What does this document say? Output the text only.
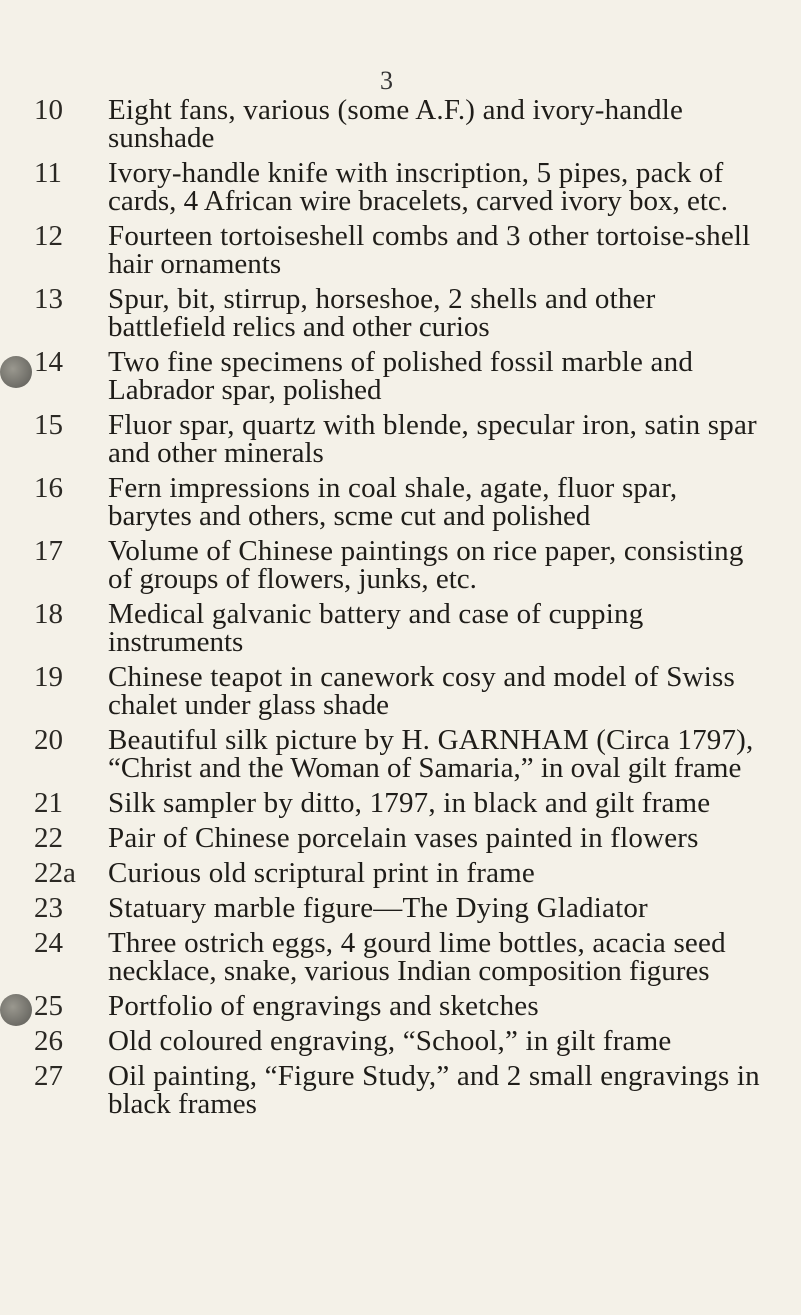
3
10	Eight fans, various (some A.F.) and ivory-handle sunshade
11	Ivory-handle knife with inscription, 5 pipes, pack of cards, 4 African wire bracelets, carved ivory box, etc.
12	Fourteen tortoiseshell combs and 3 other tortoise-shell hair ornaments
13	Spur, bit, stirrup, horseshoe, 2 shells and other battlefield relics and other curios
14	Two fine specimens of polished fossil marble and Labrador spar, polished
15	Fluor spar, quartz with blende, specular iron, satin spar and other minerals
16	Fern impressions in coal shale, agate, fluor spar, barytes and others, scme cut and polished
17	Volume of Chinese paintings on rice paper, consisting of groups of flowers, junks, etc.
18	Medical galvanic battery and case of cupping instruments
19	Chinese teapot in canework cosy and model of Swiss chalet under glass shade
20	Beautiful silk picture by H. GARNHAM (Circa 1797), “Christ and the Woman of Samaria,” in oval gilt frame
21	Silk sampler by ditto, 1797, in black and gilt frame
22	Pair of Chinese porcelain vases painted in flowers
22a	Curious old scriptural print in frame
23	Statuary marble figure—The Dying Gladiator
24	Three ostrich eggs, 4 gourd lime bottles, acacia seed necklace, snake, various Indian composition figures
25	Portfolio of engravings and sketches
26	Old coloured engraving, “School,” in gilt frame
27	Oil painting, “Figure Study,” and 2 small engravings in black frames
